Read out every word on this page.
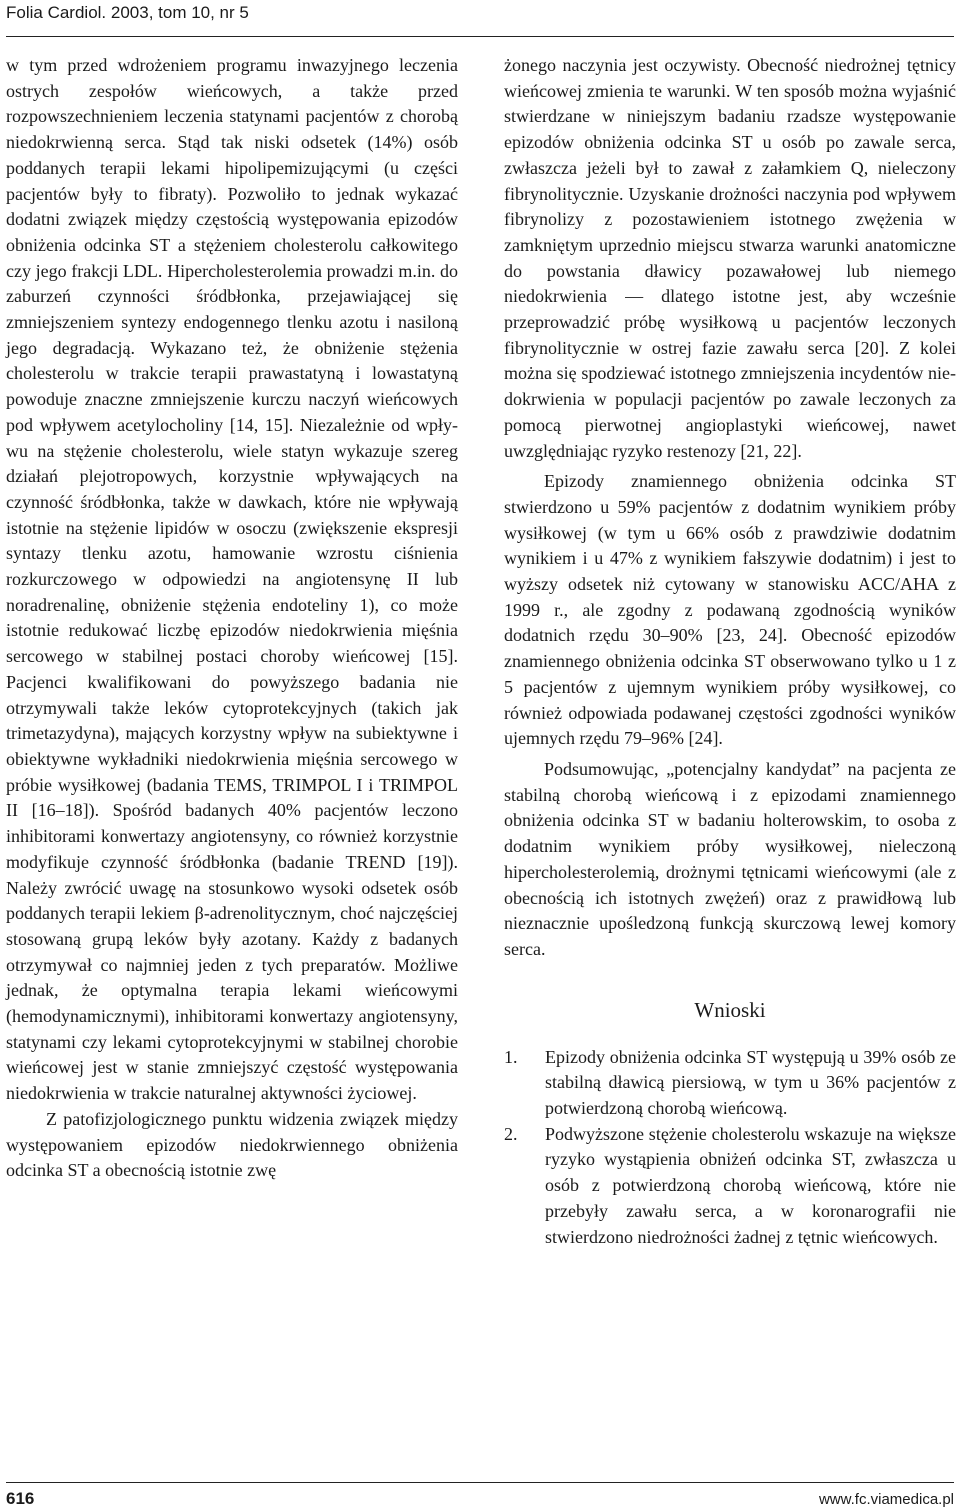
Folia Cardiol. 2003, tom 10, nr 5

w tym przed wdrożeniem programu inwazyjnego leczenia ostrych zespołów wieńcowych, a także przed rozpowszechnieniem leczenia statynami pacjentów z chorobą niedokrwienną serca. Stąd tak niski odsetek (14%) osób poddanych terapii lekami hipolipemizującymi (u części pacjentów były to fibraty). Pozwoliło to jednak wykazać dodatni związek między częstością występowania epizodów obniżenia odcinka ST a stężeniem cholesterolu całkowitego czy jego frakcji LDL. Hipercholesterolemia prowadzi m.in. do zaburzeń czynności śródbłonka, przejawiającej się zmniejszeniem syntezy endogennego tlenku azotu i nasiloną jego degradacją. Wykazano też, że obniżenie stężenia cholesterolu w trakcie terapii prawastatyną i lowastatyną powoduje znaczne zmniejszenie kurczu naczyń wieńcowych pod wpływem acetylocholiny [14, 15]. Niezależnie od wpływu na stężenie cholesterolu, wiele statyn wykazuje szereg działań plejotropowych, korzystnie wpływających na czynność śródbłonka, także w dawkach, które nie wpływają istotnie na stężenie lipidów w osoczu (zwiększenie ekspresji syntazy tlenku azotu, hamowanie wzrostu ciśnienia rozkurczowego w odpowiedzi na angiotensynę II lub noradrenalinę, obniżenie stężenia endoteliny 1), co może istotnie redukować liczbę epizodów niedokrwienia mięśnia sercowego w stabilnej postaci choroby wieńcowej [15]. Pacjenci kwalifikowani do powyższego badania nie otrzymywali także leków cytoprotekcyjnych (takich jak trimetazydyna), mających korzystny wpływ na subiektywne i obiektywne wykładniki niedokrwienia mięśnia sercowego w próbie wysiłkowej (badania TEMS, TRIMPOL I i TRIMPOL II [16–18]). Spośród badanych 40% pacjentów leczono inhibitorami konwertazy angiotensyny, co również korzystnie modyfikuje czynność śródbłonka (badanie TREND [19]). Należy zwrócić uwagę na stosunkowo wysoki odsetek osób poddanych terapii lekiem β-adrenolitycznym, choć najczęściej stosowaną grupą leków były azotany. Każdy z badanych otrzymywał co najmniej jeden z tych preparatów. Możliwe jednak, że optymalna terapia lekami wieńcowymi (hemodynamicznymi), inhibitorami konwertazy angiotensyny, statynami czy lekami cytoprotekcyjnymi w stabilnej chorobie wieńcowej jest w stanie zmniejszyć częstość występowania niedokrwienia w trakcie naturalnej aktywności życiowej.

Z patofizjologicznego punktu widzenia związek między występowaniem epizodów niedokrwiennego obniżenia odcinka ST a obecnością istotnie zwę

żonego naczynia jest oczywisty. Obecność niedrożnej tętnicy wieńcowej zmienia te warunki. W ten sposób można wyjaśnić stwierdzane w niniejszym badaniu rzadsze występowanie epizodów obniżenia odcinka ST u osób po zawale serca, zwłaszcza jeżeli był to zawał z załamkiem Q, nieleczony fibrynolitycznie. Uzyskanie drożności naczynia pod wpływem fibrynolizy z pozostawieniem istotnego zwężenia w zamkniętym uprzednio miejscu stwarza warunki anatomiczne do powstania dławicy pozawałowej lub niemego niedokrwienia — dlatego istotne jest, aby wcześnie przeprowadzić próbę wysiłkową u pacjentów leczonych fibrynolitycznie w ostrej fazie zawału serca [20]. Z kolei można się spodziewać istotnego zmniejszenia incydentów niedokrwienia w populacji pacjentów po zawale leczonych za pomocą pierwotnej angioplastyki wieńcowej, nawet uwzględniając ryzyko restenozy [21, 22].

Epizody znamiennego obniżenia odcinka ST stwierdzono u 59% pacjentów z dodatnim wynikiem próby wysiłkowej (w tym u 66% osób z prawdziwie dodatnim wynikiem i u 47% z wynikiem fałszywie dodatnim) i jest to wyższy odsetek niż cytowany w stanowisku ACC/AHA z 1999 r., ale zgodny z podawaną zgodnością wyników dodatnich rzędu 30–90% [23, 24]. Obecność epizodów znamiennego obniżenia odcinka ST obserwowano tylko u 1 z 5 pacjentów z ujemnym wynikiem próby wysiłkowej, co również odpowiada podawanej częstości zgodności wyników ujemnych rzędu 79–96% [24].

Podsumowując, „potencjalny kandydat” na pacjenta ze stabilną chorobą wieńcową i z epizodami znamiennego obniżenia odcinka ST w badaniu holterowskim, to osoba z dodatnim wynikiem próby wysiłkowej, nieleczoną hipercholesterolemią, drożnymi tętnicami wieńcowymi (ale z obecnością ich istotnych zwężeń) oraz z prawidłową lub nieznacznie upośledzoną funkcją skurczową lewej komory serca.

Wnioski
1. Epizody obniżenia odcinka ST występują u 39% osób ze stabilną dławicą piersiową, w tym u 36% pacjentów z potwierdzoną chorobą wieńcową.
2. Podwyższone stężenie cholesterolu wskazuje na większe ryzyko wystąpienia obniżeń odcinka ST, zwłaszcza u osób z potwierdzoną chorobą wieńcową, które nie przebyły zawału serca, a w koronarografii nie stwierdzono niedrożności żadnej z tętnic wieńcowych.
616	www.fc.viamedica.pl
